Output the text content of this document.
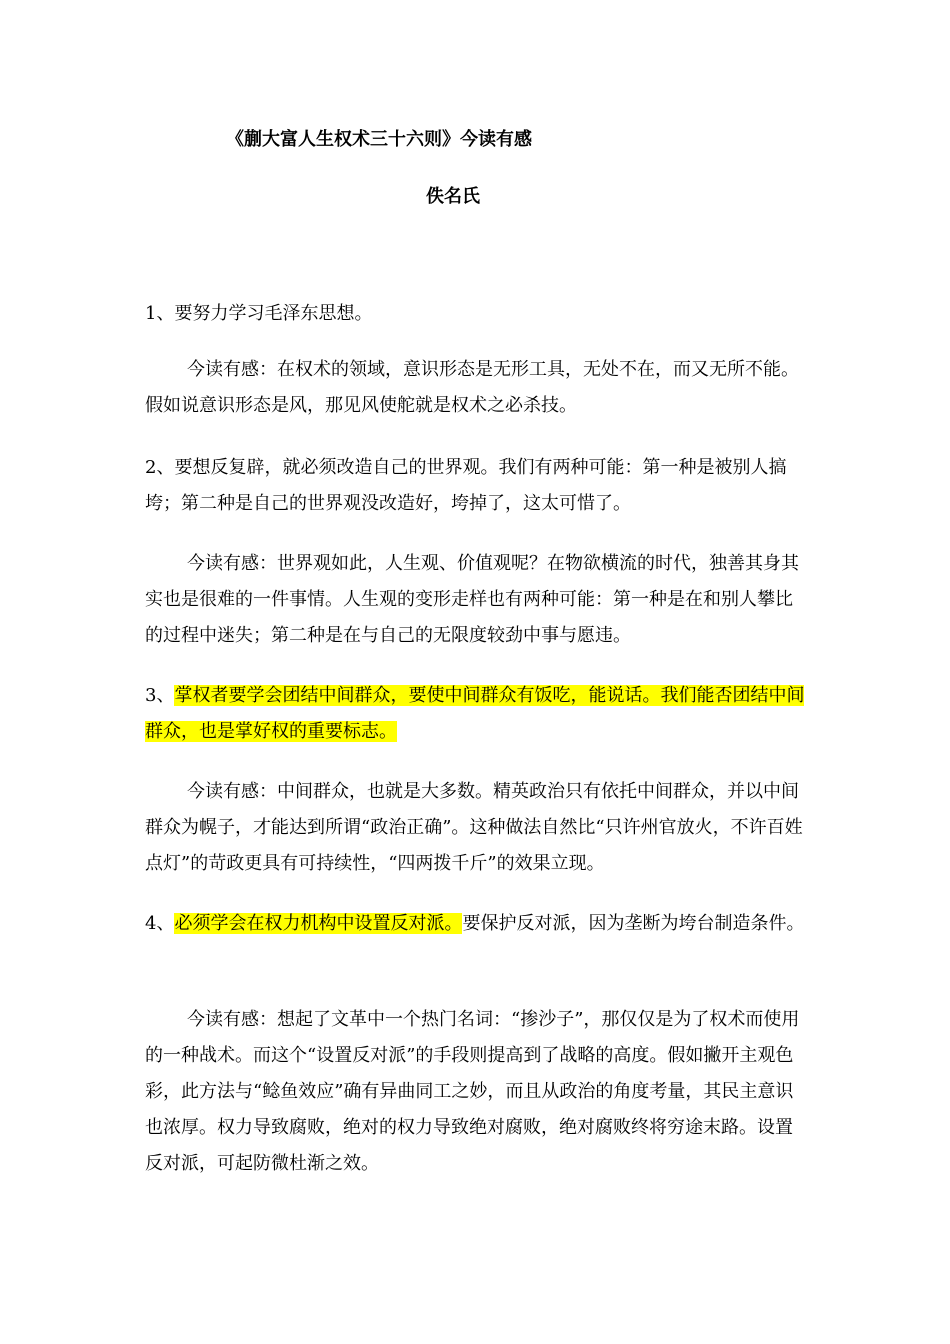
《蒯大富人生权术三十六则》今读有感
佚名氏

1、要努力学习毛泽东思想。

今读有感：在权术的领域，意识形态是无形工具，无处不在，而又无所不能。假如说意识形态是风，那见风使舵就是权术之必杀技。

2、要想反复辟，就必须改造自己的世界观。我们有两种可能：第一种是被别人搞垮；第二种是自己的世界观没改造好，垮掉了，这太可惜了。

今读有感：世界观如此，人生观、价值观呢？在物欲横流的时代，独善其身其实也是很难的一件事情。人生观的变形走样也有两种可能：第一种是在和别人攀比的过程中迷失；第二种是在与自己的无限度较劲中事与愿违。

3、掌权者要学会团结中间群众，要使中间群众有饭吃，能说话。我们能否团结中间群众，也是掌好权的重要标志。

今读有感：中间群众，也就是大多数。精英政治只有依托中间群众，并以中间群众为幌子，才能达到所谓“政治正确”。这种做法自然比“只许州官放火，不许百姓点灯”的苛政更具有可持续性，“四两拨千斤”的效果立现。

4、必须学会在权力机构中设置反对派。要保护反对派，因为垄断为垮台制造条件。

今读有感：想起了文革中一个热门名词：“掺沙子”，那仅仅是为了权术而使用的一种战术。而这个“设置反对派”的手段则提高到了战略的高度。假如撇开主观色彩，此方法与“鲶鱼效应”确有异曲同工之妙，而且从政治的角度考量，其民主意识也浓厚。权力导致腐败，绝对的权力导致绝对腐败，绝对腐败终将穷途末路。设置反对派，可起防微杜渐之效。
